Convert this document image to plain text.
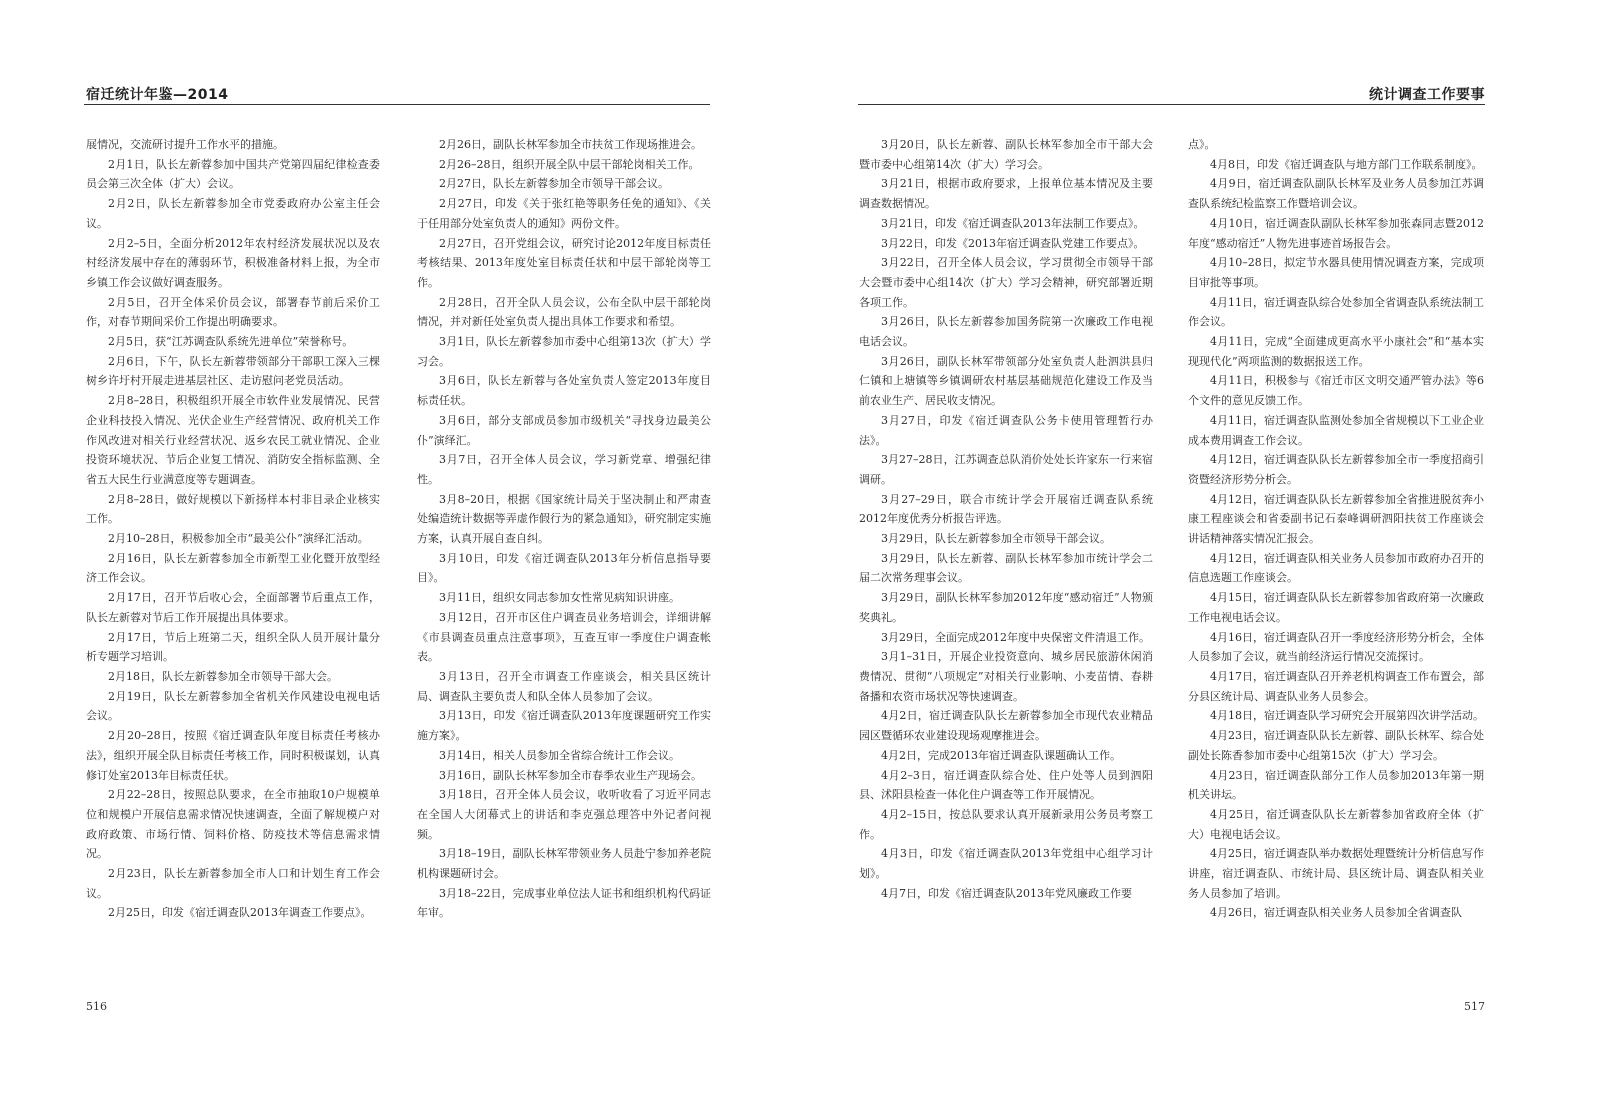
宿迁统计年鉴—2014

展情况，交流研讨提升工作水平的措施。

2月1日，队长左新蓉参加中国共产党第四届纪律检查委员会第三次全体（扩大）会议。

2月2日，队长左新蓉参加全市党委政府办公室主任会议。

2月2–5日，全面分析2012年农村经济发展状况以及农村经济发展中存在的薄弱环节，积极准备材料上报，为全市乡镇工作会议做好调查服务。

2月5日，召开全体采价员会议，部署春节前后采价工作，对春节期间采价工作提出明确要求。

2月5日，获“江苏调查队系统先进单位”荣誉称号。

2月6日，下午，队长左新蓉带领部分干部职工深入三棵树乡许圩村开展走进基层社区、走访慰问老党员活动。

2月8–28日，积极组织开展全市软件业发展情况、民营企业科技投入情况、光伏企业生产经营情况、政府机关工作作风改进对相关行业经营状况、返乡农民工就业情况、企业投资环境状况、节后企业复工情况、消防安全指标监测、全省五大民生行业满意度等专题调查。

2月8–28日，做好规模以下新扬样本村非目录企业核实工作。

2月10–28日，积极参加全市“最美公仆”演绎汇活动。

2月16日，队长左新蓉参加全市新型工业化暨开放型经济工作会议。

2月17日，召开节后收心会，全面部署节后重点工作，队长左新蓉对节后工作开展提出具体要求。

2月17日，节后上班第二天，组织全队人员开展计量分析专题学习培训。

2月18日，队长左新蓉参加全市领导干部大会。

2月19日，队长左新蓉参加全省机关作风建设电视电话会议。

2月20–28日，按照《宿迁调查队年度目标责任考核办法》，组织开展全队目标责任考核工作，同时积极谋划，认真修订处室2013年目标责任状。

2月22–28日，按照总队要求，在全市抽取10户规模单位和规模户开展信息需求情况快速调查，全面了解规模户对政府政策、市场行情、饲料价格、防疫技术等信息需求情况。

2月23日，队长左新蓉参加全市人口和计划生育工作会议。

2月25日，印发《宿迁调查队2013年调查工作要点》。

2月26日，副队长林军参加全市扶贫工作现场推进会。

2月26–28日，组织开展全队中层干部轮岗相关工作。

2月27日，队长左新蓉参加全市领导干部会议。

2月27日，印发《关于张红艳等职务任免的通知》、《关于任用部分处室负责人的通知》两份文件。

2月27日，召开党组会议，研究讨论2012年度目标责任考核结果、2013年度处室目标责任状和中层干部轮岗等工作。

2月28日，召开全队人员会议，公布全队中层干部轮岗情况，并对新任处室负责人提出具体工作要求和希望。

3月1日，队长左新蓉参加市委中心组第13次（扩大）学习会。

3月6日，队长左新蓉与各处室负责人签定2013年度目标责任状。

3月6日，部分支部成员参加市级机关“寻找身边最美公仆”演绎汇。

3月7日，召开全体人员会议，学习新党章、增强纪律性。

3月8–20日，根据《国家统计局关于坚决制止和严肃查处编造统计数据等弄虚作假行为的紧急通知》，研究制定实施方案，认真开展自查自纠。

3月10日，印发《宿迁调查队2013年分析信息指导要目》。

3月11日，组织女同志参加女性常见病知识讲座。

3月12日，召开市区住户调查员业务培训会，详细讲解《市县调查员重点注意事项》，互查互审一季度住户调查帐表。

3月13日，召开全市调查工作座谈会，相关县区统计局、调查队主要负责人和队全体人员参加了会议。

3月13日，印发《宿迁调查队2013年度课题研究工作实施方案》。

3月14日，相关人员参加全省综合统计工作会议。

3月16日，副队长林军参加全市春季农业生产现场会。

3月18日，召开全体人员会议，收听收看了习近平同志在全国人大闭幕式上的讲话和李克强总理答中外记者问视频。

3月18–19日，副队长林军带领业务人员赴宁参加养老院机构课题研讨会。

3月18–22日，完成事业单位法人证书和组织机构代码证年审。

516
统计调查工作要事

3月20日，队长左新蓉、副队长林军参加全市干部大会暨市委中心组第14次（扩大）学习会。

3月21日，根据市政府要求，上报单位基本情况及主要调查数据情况。

3月21日，印发《宿迁调查队2013年法制工作要点》。

3月22日，印发《2013年宿迁调查队党建工作要点》。

3月22日，召开全体人员会议，学习贯彻全市领导干部大会暨市委中心组14次（扩大）学习会精神，研究部署近期各项工作。

3月26日，队长左新蓉参加国务院第一次廉政工作电视电话会议。

3月26日，副队长林军带领部分处室负责人赴泗洪县归仁镇和上塘镇等乡镇调研农村基层基础规范化建设工作及当前农业生产、居民收支情况。

3月27日，印发《宿迁调查队公务卡使用管理暂行办法》。

3月27–28日，江苏调查总队消价处处长许家东一行来宿调研。

3月27–29日，联合市统计学会开展宿迁调查队系统2012年度优秀分析报告评选。

3月29日，队长左新蓉参加全市领导干部会议。

3月29日，队长左新蓉、副队长林军参加市统计学会二届二次常务理事会议。

3月29日，副队长林军参加2012年度“感动宿迁”人物颁奖典礼。

3月29日，全面完成2012年度中央保密文件清退工作。

3月1–31日，开展企业投资意向、城乡居民旅游休闲消费情况、贯彻“八项规定”对相关行业影响、小麦苗情、春耕备播和农资市场状况等快速调查。

4月2日，宿迁调查队队长左新蓉参加全市现代农业精品园区暨循环农业建设现场观摩推进会。

4月2日，完成2013年宿迁调查队课题确认工作。

4月2–3日，宿迁调查队综合处、住户处等人员到泗阳县、沭阳县检查一体化住户调查等工作开展情况。

4月2–15日，按总队要求认真开展新录用公务员考察工作。

4月3日，印发《宿迁调查队2013年党组中心组学习计划》。

4月7日，印发《宿迁调查队2013年党风廉政工作要

点》。

4月8日，印发《宿迁调查队与地方部门工作联系制度》。

4月9日，宿迁调查队副队长林军及业务人员参加江苏调查队系统纪检监察工作暨培训会议。

4月10日，宿迁调查队副队长林军参加张森同志暨2012年度“感动宿迁”人物先进事迹首场报告会。

4月10–28日，拟定节水器具使用情况调查方案，完成项目审批等事项。

4月11日，宿迁调查队综合处参加全省调查队系统法制工作会议。

4月11日，完成“全面建成更高水平小康社会”和“基本实现现代化”两项监测的数据报送工作。

4月11日，积极参与《宿迁市区文明交通严管办法》等6个文件的意见反馈工作。

4月11日，宿迁调查队监测处参加全省规模以下工业企业成本费用调查工作会议。

4月12日，宿迁调查队队长左新蓉参加全市一季度招商引资暨经济形势分析会。

4月12日，宿迁调查队队长左新蓉参加全省推进脱贫奔小康工程座谈会和省委副书记石泰峰调研泗阳扶贫工作座谈会讲话精神落实情况汇报会。

4月12日，宿迁调查队相关业务人员参加市政府办召开的信息选题工作座谈会。

4月15日，宿迁调查队队长左新蓉参加省政府第一次廉政工作电视电话会议。

4月16日，宿迁调查队召开一季度经济形势分析会，全体人员参加了会议，就当前经济运行情况交流探讨。

4月17日，宿迁调查队召开养老机构调查工作布置会，部分县区统计局、调查队业务人员参会。

4月18日，宿迁调查队学习研究会开展第四次讲学活动。

4月23日，宿迁调查队队长左新蓉、副队长林军、综合处副处长陈香参加市委中心组第15次（扩大）学习会。

4月23日，宿迁调查队部分工作人员参加2013年第一期机关讲坛。

4月25日，宿迁调查队队长左新蓉参加省政府全体（扩大）电视电话会议。

4月25日，宿迁调查队举办数据处理暨统计分析信息写作讲座，宿迁调查队、市统计局、县区统计局、调查队相关业务人员参加了培训。

4月26日，宿迁调查队相关业务人员参加全省调查队

517
